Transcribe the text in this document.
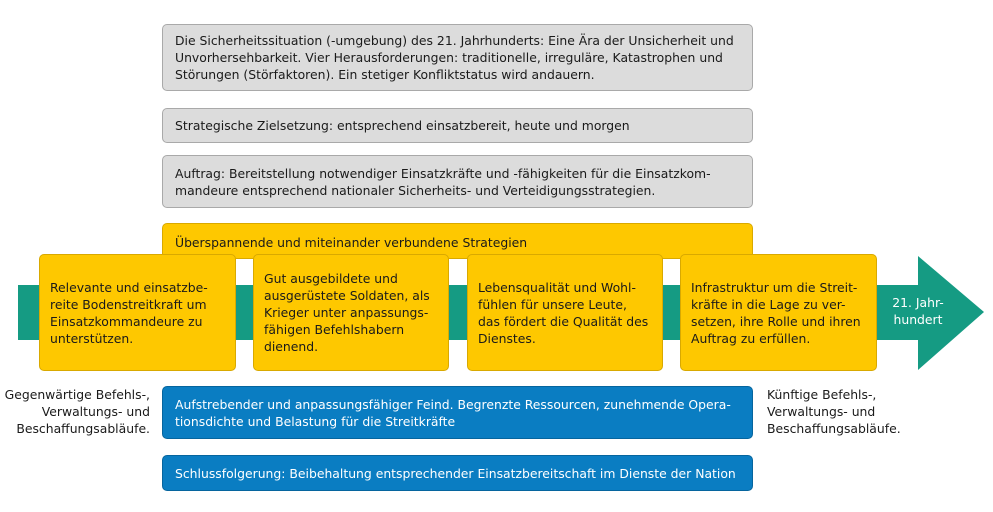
21. Jahr-
hundert
Die Sicherheitssituation (-umgebung) des 21. Jahrhunderts: Eine Ära der Unsicherheit und
Unvorhersehbarkeit. Vier Herausforderungen: traditionelle, irreguläre, Katastrophen und
Störungen (Störfaktoren). Ein stetiger Konfliktstatus wird andauern.
Strategische Zielsetzung: entsprechend einsatzbereit, heute und morgen
Auftrag: Bereitstellung notwendiger Einsatzkräfte und -fähigkeiten für die Einsatzkom-
mandeure entsprechend nationaler Sicherheits- und Verteidigungsstrategien.
Überspannende und miteinander verbundene Strategien
Relevante und einsatzbe-
reite Bodenstreitkraft um
Einsatzkommandeure zu
unterstützen.
Gut ausgebildete und
ausgerüstete Soldaten, als
Krieger unter anpassungs-
fähigen Befehlshabern
dienend.
Lebensqualität und Wohl-
fühlen für unsere Leute,
das fördert die Qualität des
Dienstes.
Infrastruktur um die Streit-
kräfte in die Lage zu ver-
setzen, ihre Rolle und ihren
Auftrag zu erfüllen.
Gegenwärtige Befehls-,
Verwaltungs- und
Beschaffungsabläufe.
Künftige Befehls-,
Verwaltungs- und
Beschaffungsabläufe.
Aufstrebender und anpassungsfähiger Feind. Begrenzte Ressourcen, zunehmende Opera-
tionsdichte und Belastung für die Streitkräfte
Schlussfolgerung: Beibehaltung entsprechender Einsatzbereitschaft im Dienste der Nation
